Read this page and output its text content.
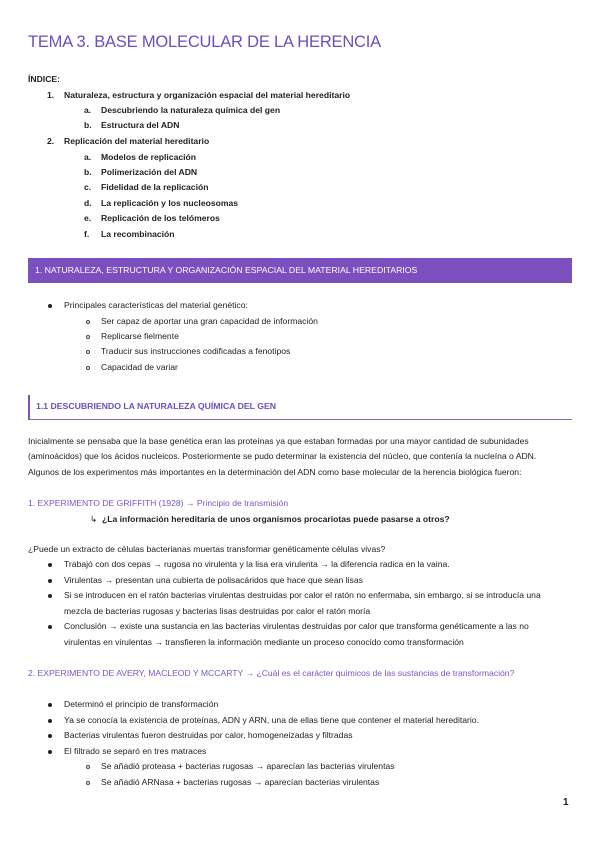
TEMA 3. BASE MOLECULAR DE LA HERENCIA
ÍNDICE:
1. Naturaleza, estructura y organización espacial del material hereditario
a. Descubriendo la naturaleza química del gen
b. Estructura del ADN
2. Replicación del material hereditario
a. Modelos de replicación
b. Polimerización del ADN
c. Fidelidad de la replicación
d. La replicación y los nucleosomas
e. Replicación de los telómeros
f. La recombinación
1. NATURALEZA, ESTRUCTURA Y ORGANIZACIÓN ESPACIAL DEL MATERIAL HEREDITARIOS
Principales características del material genético:
Ser capaz de aportar una gran capacidad de información
Replicarse fielmente
Traducir sus instrucciones codificadas a fenotipos
Capacidad de variar
1.1 DESCUBRIENDO LA NATURALEZA QUÍMICA DEL GEN
Inicialmente se pensaba que la base genética eran las proteínas ya que estaban formadas por una mayor cantidad de subunidades
(aminoácidos) que los ácidos nucleicos. Posteriormente se pudo determinar la existencia del núcleo, que contenía la nucleína o ADN.
Algunos de los experimentos más importantes en la determinación del ADN como base molecular de la herencia biológica fueron:
1. EXPERIMENTO DE GRIFFITH (1928) → Principio de transmisión
↳ ¿La información hereditaria de unos organismos procariotas puede pasarse a otros?
¿Puede un extracto de células bacterianas muertas transformar genéticamente células vivas?
Trabajó con dos cepas → rugosa no virulenta y la lisa era virulenta → la diferencia radica en la vaina.
Virulentas → presentan una cubierta de polisacáridos que hace que sean lisas
Si se introducen en el ratón bacterias virulentas destruidas por calor el ratón no enfermaba, sin embargo, si se introducía una
mezcla de bacterias rugosas y bacterias lisas destruidas por calor el ratón moría
Conclusión → existe una sustancia en las bacterias virulentas destruidas por calor que transforma genéticamente a las no
virulentas en virulentas → transfieren la información mediante un proceso conocido como transformación
2. EXPERIMENTO DE AVERY, MACLEOD Y MCCARTY → ¿Cuál es el carácter químicos de las sustancias de transformación?
Determinó el principio de transformación
Ya se conocía la existencia de proteínas, ADN y ARN, una de ellas tiene que contener el material hereditario.
Bacterias virulentas fueron destruidas por calor, homogeneizadas y filtradas
El filtrado se separó en tres matraces
Se añadió proteasa + bacterias rugosas → aparecían las bacterias virulentas
Se añadió ARNasa + bacterias rugosas → aparecían bacterias virulentas
1
